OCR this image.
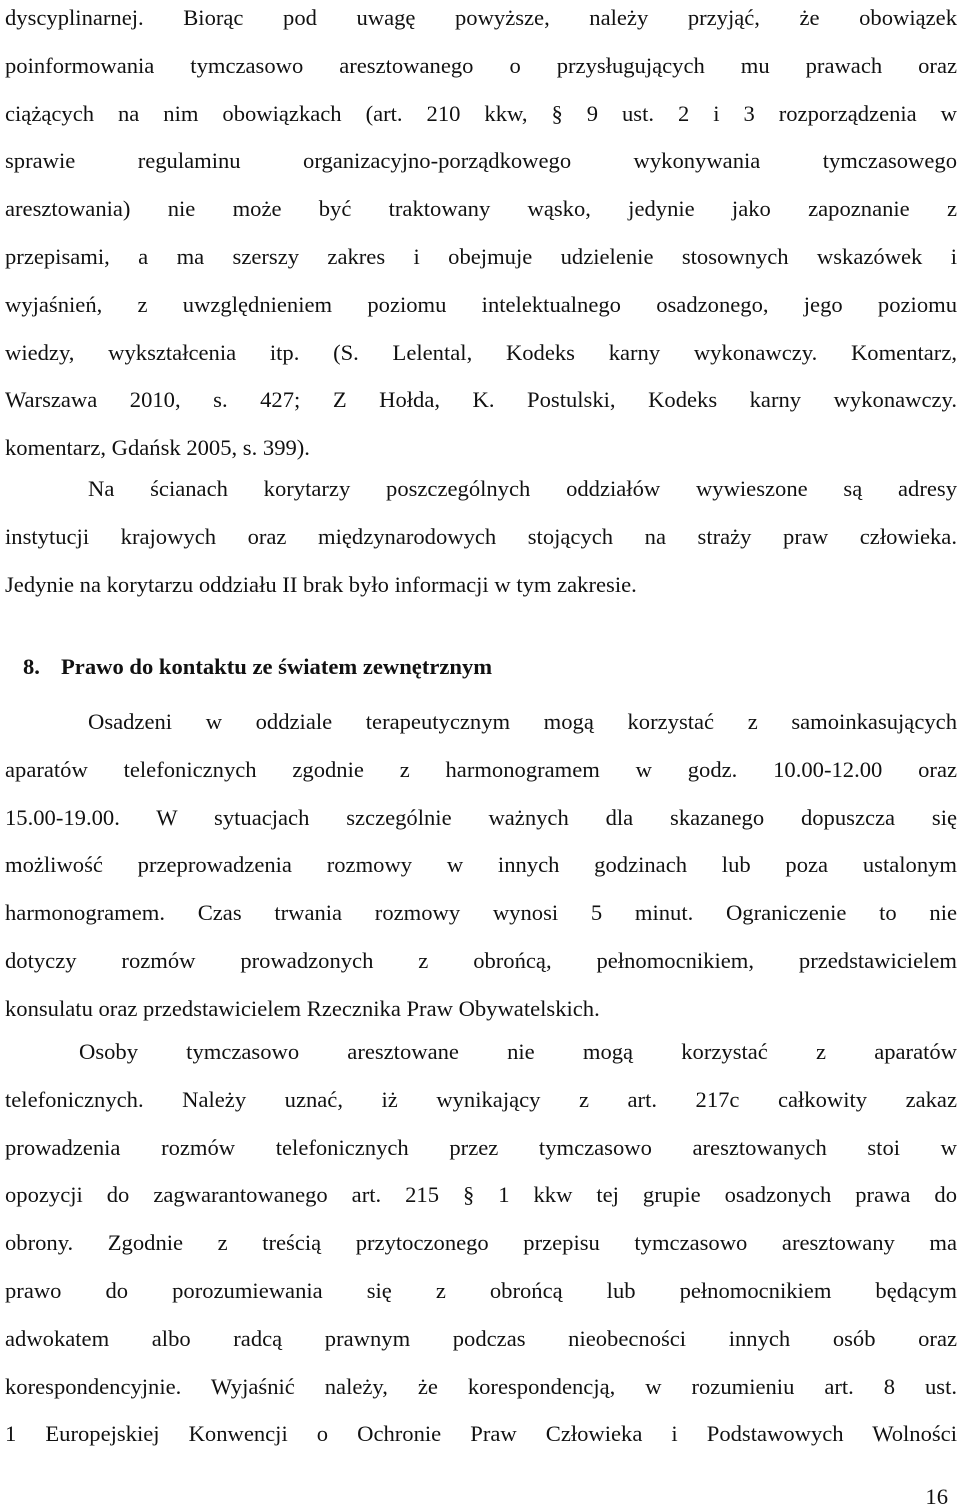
dyscyplinarnej. Biorąc pod uwagę powyższe, należy przyjąć, że obowiązek
poinformowania tymczasowo aresztowanego o przysługujących mu prawach oraz
ciążących na nim obowiązkach (art. 210 kkw, § 9 ust. 2 i 3 rozporządzenia w
sprawie regulaminu organizacyjno-porządkowego wykonywania tymczasowego
aresztowania) nie może być traktowany wąsko, jedynie jako zapoznanie z
przepisami, a ma szerszy zakres i obejmuje udzielenie stosownych wskazówek i
wyjaśnień, z uwzględnieniem poziomu intelektualnego osadzonego, jego poziomu
wiedzy, wykształcenia itp. (S. Lelental, Kodeks karny wykonawczy. Komentarz,
Warszawa 2010, s. 427; Z Hołda, K. Postulski, Kodeks karny wykonawczy.
komentarz, Gdańsk 2005, s. 399).

Na ścianach korytarzy poszczególnych oddziałów wywieszone są adresy
instytucji krajowych oraz międzynarodowych stojących na straży praw człowieka.
Jedynie na korytarzu oddziału II brak było informacji w tym zakresie.

8. Prawo do kontaktu ze światem zewnętrznym

Osadzeni w oddziale terapeutycznym mogą korzystać z samoinkasujących
aparatów telefonicznych zgodnie z harmonogramem w godz. 10.00-12.00 oraz
15.00-19.00. W sytuacjach szczególnie ważnych dla skazanego dopuszcza się
możliwość przeprowadzenia rozmowy w innych godzinach lub poza ustalonym
harmonogramem. Czas trwania rozmowy wynosi 5 minut. Ograniczenie to nie
dotyczy rozmów prowadzonych z obrońcą, pełnomocnikiem, przedstawicielem
konsulatu oraz przedstawicielem Rzecznika Praw Obywatelskich.

Osoby tymczasowo aresztowane nie mogą korzystać z aparatów
telefonicznych. Należy uznać, iż wynikający z art. 217c całkowity zakaz
prowadzenia rozmów telefonicznych przez tymczasowo aresztowanych stoi w
opozycji do zagwarantowanego art. 215 § 1 kkw tej grupie osadzonych prawa do
obrony. Zgodnie z treścią przytoczonego przepisu tymczasowo aresztowany ma
prawo do porozumiewania się z obrońcą lub pełnomocnikiem będącym
adwokatem albo radcą prawnym podczas nieobecności innych osób oraz
korespondencyjnie. Wyjaśnić należy, że korespondencją, w rozumieniu art. 8 ust.
1 Europejskiej Konwencji o Ochronie Praw Człowieka i Podstawowych Wolności

16
